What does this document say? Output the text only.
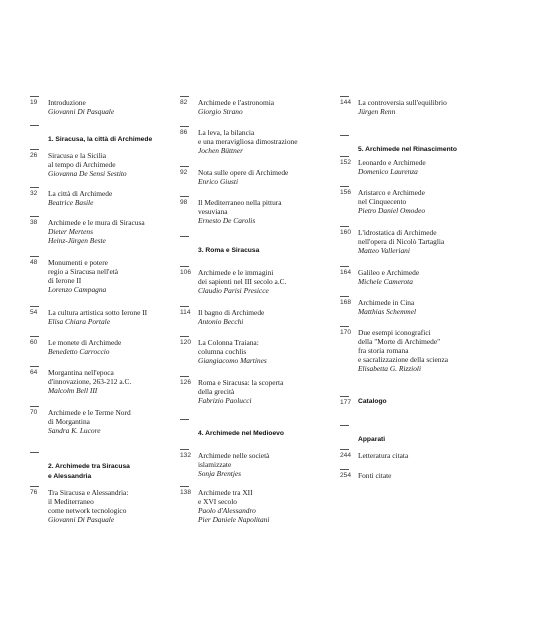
19 Introduzione
Giovanni Di Pasquale
1. Siracusa, la città di Archimede
26 Siracusa e la Sicilia
al tempo di Archimede
Giovanna De Sensi Sestito
32 La città di Archimede
Beatrice Basile
38 Archimede e le mura di Siracusa
Dieter Mertens
Heinz-Jürgen Beste
48 Monumenti e potere
regio a Siracusa nell'età
di Ierone II
Lorenzo Campagna
54 La cultura artistica sotto Ierone II
Elisa Chiara Portale
60 Le monete di Archimede
Benedetto Carroccio
64 Morgantina nell'epoca
d'innovazione, 263-212 a.C.
Malcolm Bell III
70 Archimede e le Terme Nord
di Morgantina
Sandra K. Lucore
2. Archimede tra Siracusa
e Alessandria
76 Tra Siracusa e Alessandria:
il Mediterraneo
come network tecnologico
Giovanni Di Pasquale
82 Archimede e l'astronomia
Giorgio Strano
86 La leva, la bilancia
e una meravigliosa dimostrazione
Jochen Büttner
92 Nota sulle opere di Archimede
Enrico Giusti
98 Il Mediterraneo nella pittura
vesuviana
Ernesto De Carolis
3. Roma e Siracusa
106 Archimede e le immagini
dei sapienti nel III secolo a.C.
Claudio Parisi Presicce
114 Il bagno di Archimede
Antonio Becchi
120 La Colonna Traiana:
columna cochlis
Giangiacomo Martines
126 Roma e Siracusa: la scoperta
della grecità
Fabrizio Paolucci
4. Archimede nel Medioevo
132 Archimede nelle società
islamizzate
Sonja Brentjes
138 Archimede tra XII
e XVI secolo
Paolo d'Alessandro
Pier Daniele Napolitani
144 La controversia sull'equilibrio
Jürgen Renn
5. Archimede nel Rinascimento
152 Leonardo e Archimede
Domenico Laurenza
156 Aristarco e Archimede
nel Cinquecento
Pietro Daniel Omodeo
160 L'idrostatica di Archimede
nell'opera di Nicolò Tartaglia
Matteo Valleriani
164 Galileo e Archimede
Michele Camerota
168 Archimede in Cina
Matthias Schemmel
170 Due esempi iconografici
della "Morte di Archimede"
fra storia romana
e sacralizzazione della scienza
Elisabetta G. Rizzioli
177 Catalogo
Apparati
244 Letteratura citata
254 Fonti citate
